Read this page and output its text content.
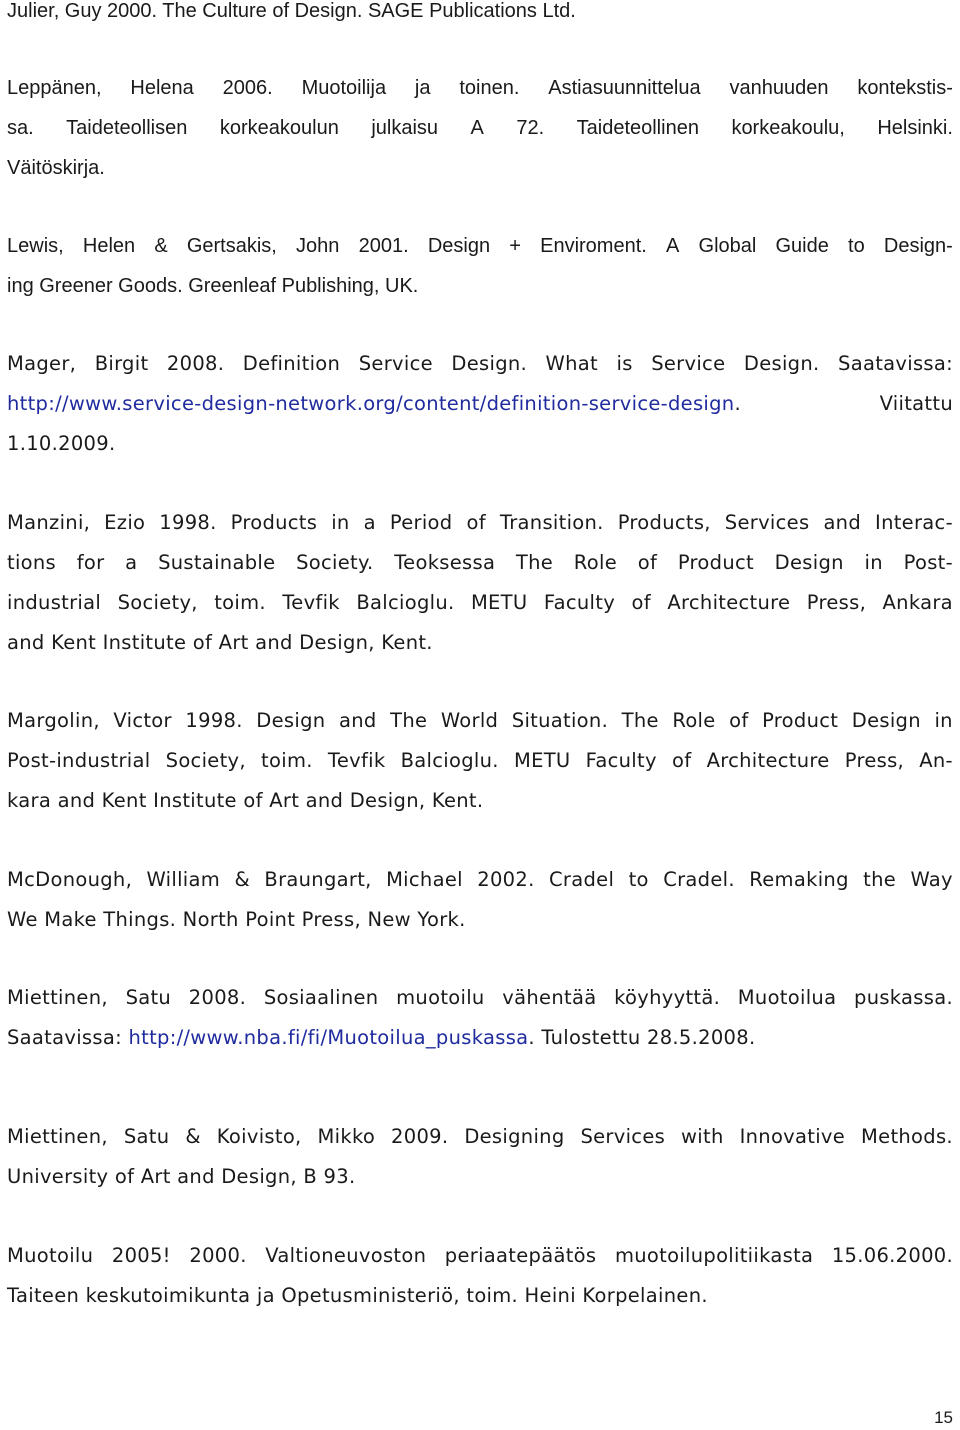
Julier, Guy 2000. The Culture of Design. SAGE Publications Ltd.
Leppänen, Helena 2006. Muotoilija ja toinen. Astiasuunnittelua vanhuuden kontekstis-
sa. Taideteollisen korkeakoulun julkaisu A 72. Taideteollinen korkeakoulu, Helsinki.
Väitöskirja.
Lewis, Helen & Gertsakis, John 2001. Design + Enviroment. A Global Guide to Design-
ing Greener Goods. Greenleaf Publishing, UK.
Mager, Birgit 2008. Definition Service Design. What is Service Design. Saatavissa:
http://www.service-design-network.org/content/definition-service-design.	Viitattu
1.10.2009.
Manzini, Ezio 1998. Products in a Period of Transition. Products, Services and Interac-
tions for a Sustainable Society. Teoksessa The Role of Product Design in Post-
industrial Society, toim. Tevfik Balcioglu. METU Faculty of Architecture Press, Ankara
and Kent Institute of Art and Design, Kent.
Margolin, Victor 1998. Design and The World Situation. The Role of Product Design in
Post-industrial Society, toim. Tevfik Balcioglu. METU Faculty of Architecture Press, An-
kara and Kent Institute of Art and Design, Kent.
McDonough, William & Braungart, Michael 2002. Cradel to Cradel. Remaking the Way
We Make Things. North Point Press, New York.
Miettinen, Satu 2008. Sosiaalinen muotoilu vähentää köyhyyttä. Muotoilua puskassa.
Saatavissa: http://www.nba.fi/fi/Muotoilua_puskassa. Tulostettu 28.5.2008.
Miettinen, Satu & Koivisto, Mikko 2009. Designing Services with Innovative Methods.
University of Art and Design, B 93.
Muotoilu 2005! 2000. Valtioneuvoston periaatepäätös muotoilupolitiikasta 15.06.2000.
Taiteen keskutoimikunta ja Opetusministeriö, toim. Heini Korpelainen.
15
